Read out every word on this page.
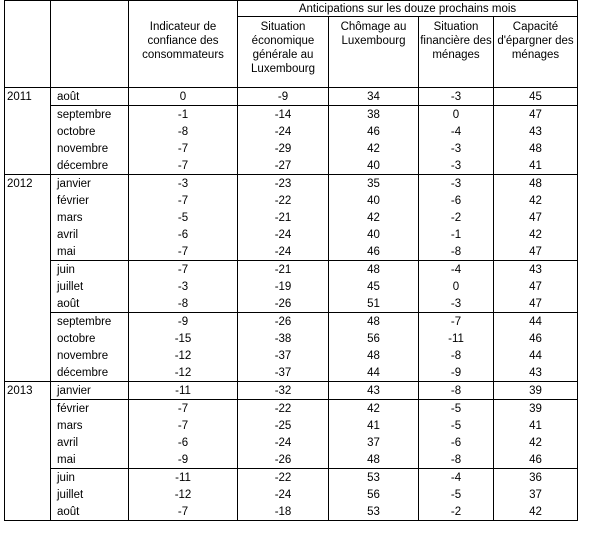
			Anticipations sur les douze prochains mois			
		Indicateur de confiance des consommateurs	Situation économique générale au Luxembourg	Chômage au Luxembourg	Situation financière des ménages	Capacité d'épargner des ménages
2011	août	0	-9	34	-3	45
	septembre	-1	-14	38	0	47
	octobre	-8	-24	46	-4	43
	novembre	-7	-29	42	-3	48
	décembre	-7	-27	40	-3	41
2012	janvier	-3	-23	35	-3	48
	février	-7	-22	40	-6	42
	mars	-5	-21	42	-2	47
	avril	-6	-24	40	-1	42
	mai	-7	-24	46	-8	47
	juin	-7	-21	48	-4	43
	juillet	-3	-19	45	0	47
	août	-8	-26	51	-3	47
	septembre	-9	-26	48	-7	44
	octobre	-15	-38	56	-11	46
	novembre	-12	-37	48	-8	44
	décembre	-12	-37	44	-9	43
2013	janvier	-11	-32	43	-8	39
	février	-7	-22	42	-5	39
	mars	-7	-25	41	-5	41
	avril	-6	-24	37	-6	42
	mai	-9	-26	48	-8	46
	juin	-11	-22	53	-4	36
	juillet	-12	-24	56	-5	37
	août	-7	-18	53	-2	42
